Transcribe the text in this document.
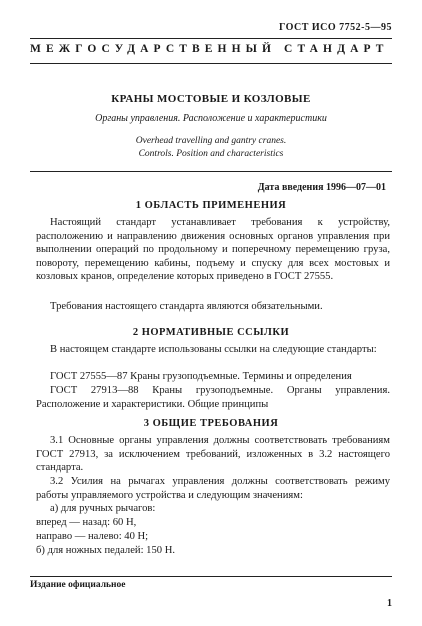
ГОСТ ИСО 7752-5—95
МЕЖГОСУДАРСТВЕННЫЙ СТАНДАРТ
КРАНЫ МОСТОВЫЕ И КОЗЛОВЫЕ
Органы управления. Расположение и характеристики
Overhead travelling and gantry cranes.
Controls. Position and characteristics
Дата введения 1996—07—01
1 ОБЛАСТЬ ПРИМЕНЕНИЯ
Настоящий стандарт устанавливает требования к устройству, расположению и направлению движения основных органов управления при выполнении операций по продольному и поперечному перемещению груза, повороту, перемещению кабины, подъему и спуску для всех мостовых и козловых кранов, определение которых приведено в ГОСТ 27555.
Требования настоящего стандарта являются обязательными.
2 НОРМАТИВНЫЕ ССЫЛКИ
В настоящем стандарте использованы ссылки на следующие стандарты:
ГОСТ 27555—87 Краны грузоподъемные. Термины и определения
ГОСТ 27913—88 Краны грузоподъемные. Органы управления. Расположение и характеристики. Общие принципы
3 ОБЩИЕ ТРЕБОВАНИЯ
3.1 Основные органы управления должны соответствовать требованиям ГОСТ 27913, за исключением требований, изложенных в 3.2 настоящего стандарта.
3.2 Усилия на рычагах управления должны соответствовать режиму работы управляемого устройства и следующим значениям:
а) для ручных рычагов:
вперед — назад: 60 Н,
направо — налево: 40 Н;
б) для ножных педалей: 150 Н.
Издание официальное
1
